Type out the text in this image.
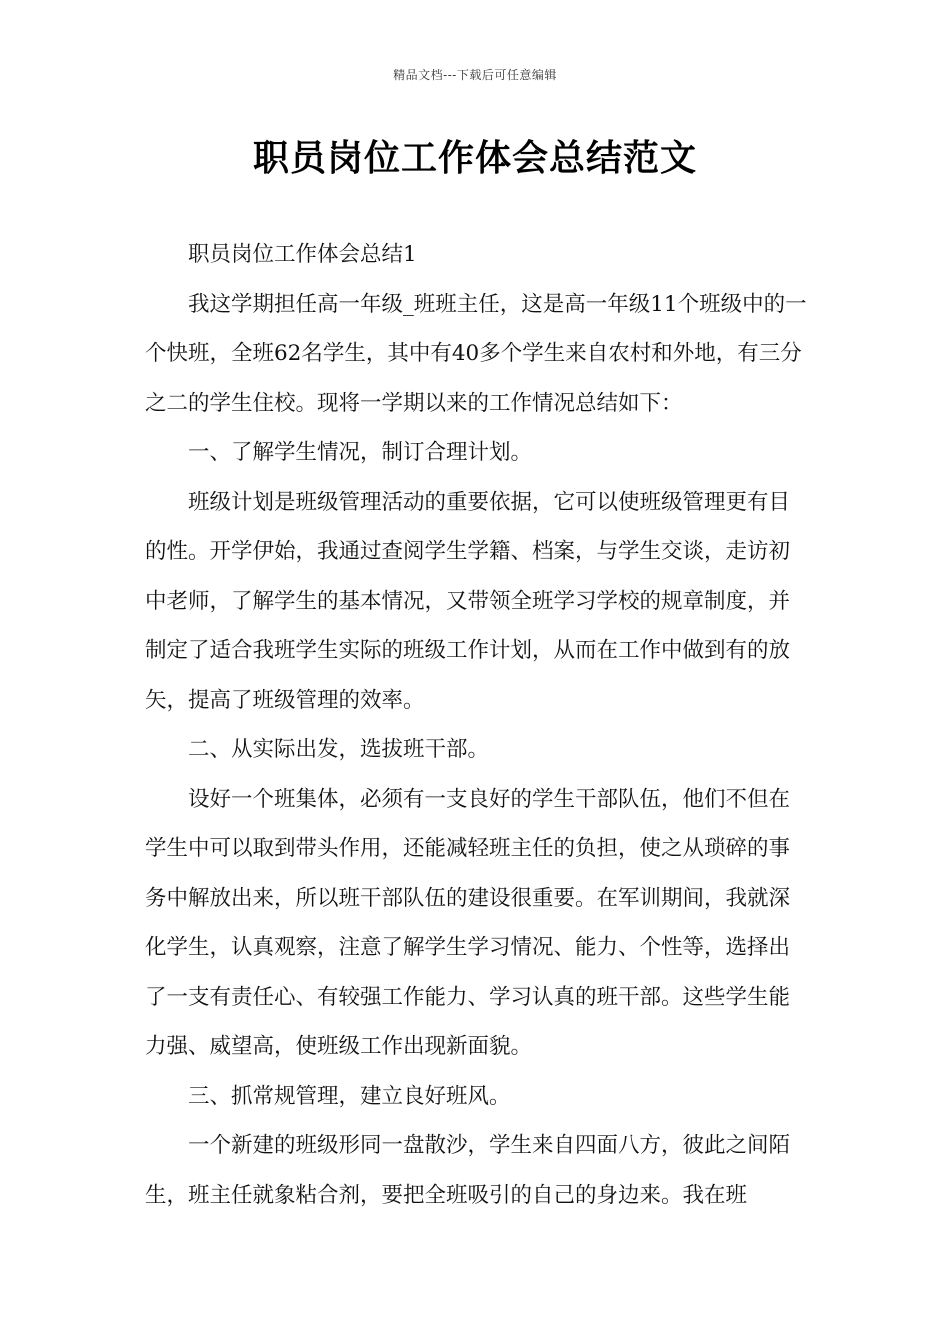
精品文档---下载后可任意编辑
职员岗位工作体会总结范文

职员岗位工作体会总结1

我这学期担任高一年级_班班主任，这是高一年级11个班级中的一个快班，全班62名学生，其中有40多个学生来自农村和外地，有三分之二的学生住校。现将一学期以来的工作情况总结如下：

一、了解学生情况，制订合理计划。

班级计划是班级管理活动的重要依据，它可以使班级管理更有目的性。开学伊始，我通过查阅学生学籍、档案，与学生交谈，走访初中老师，了解学生的基本情况，又带领全班学习学校的规章制度，并制定了适合我班学生实际的班级工作计划，从而在工作中做到有的放矢，提高了班级管理的效率。

二、从实际出发，选拔班干部。

设好一个班集体，必须有一支良好的学生干部队伍，他们不但在学生中可以取到带头作用，还能减轻班主任的负担，使之从琐碎的事务中解放出来，所以班干部队伍的建设很重要。在军训期间，我就深化学生，认真观察，注意了解学生学习情况、能力、个性等，选择出了一支有责任心、有较强工作能力、学习认真的班干部。这些学生能力强、威望高，使班级工作出现新面貌。

三、抓常规管理，建立良好班风。

一个新建的班级形同一盘散沙，学生来自四面八方，彼此之间陌生，班主任就象粘合剂，要把全班吸引的自己的身边来。我在班
